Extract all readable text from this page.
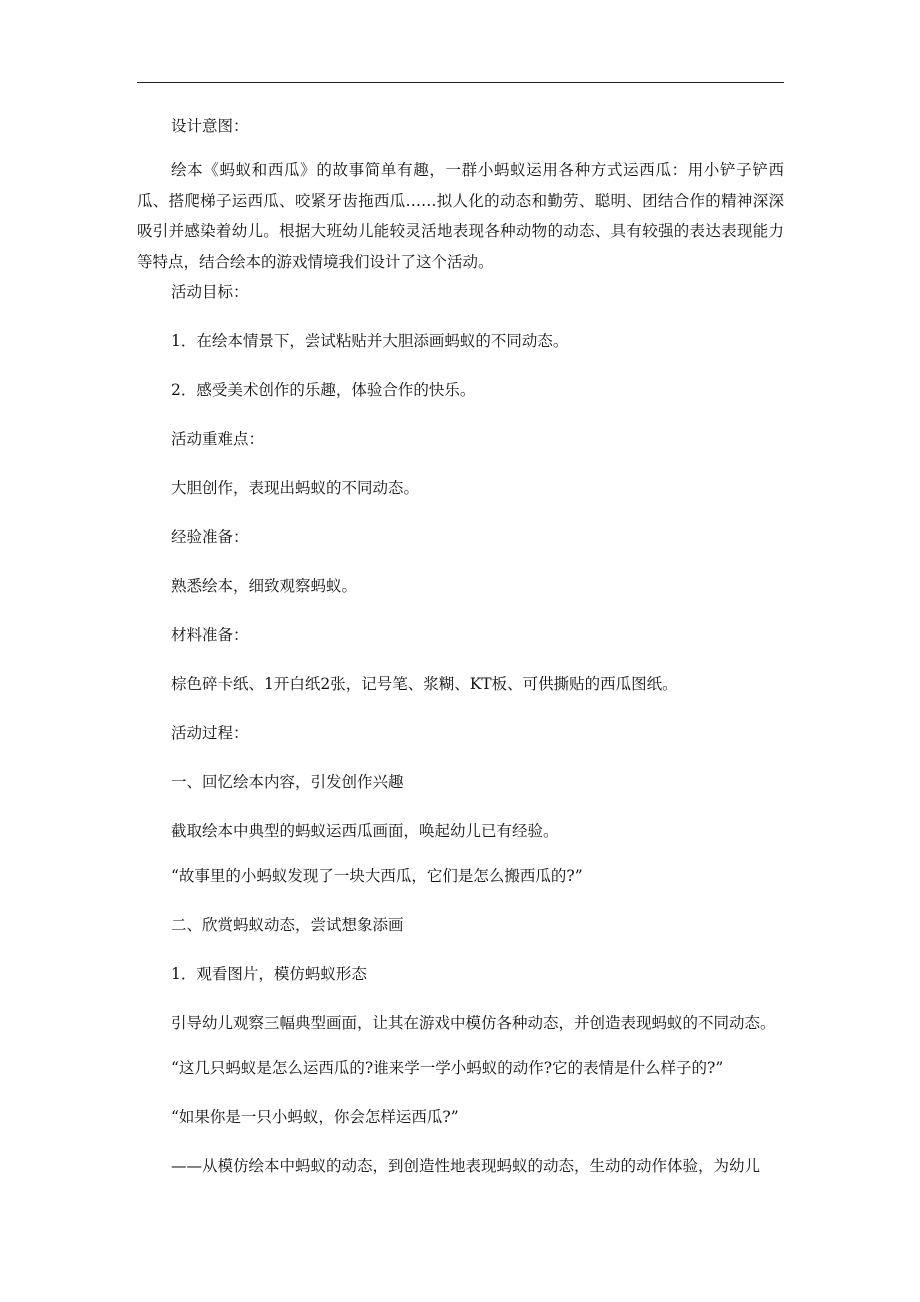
设计意图：
绘本《蚂蚁和西瓜》的故事简单有趣，一群小蚂蚁运用各种方式运西瓜：用小铲子铲西瓜、搭爬梯子运西瓜、咬紧牙齿拖西瓜……拟人化的动态和勤劳、聪明、团结合作的精神深深吸引并感染着幼儿。根据大班幼儿能较灵活地表现各种动物的动态、具有较强的表达表现能力等特点，结合绘本的游戏情境我们设计了这个活动。
活动目标：
1．在绘本情景下，尝试粘贴并大胆添画蚂蚁的不同动态。
2．感受美术创作的乐趣，体验合作的快乐。
活动重难点：
大胆创作，表现出蚂蚁的不同动态。
经验准备：
熟悉绘本，细致观察蚂蚁。
材料准备：
棕色碎卡纸、1开白纸2张，记号笔、浆糊、KT板、可供撕贴的西瓜图纸。
活动过程：
一、回忆绘本内容，引发创作兴趣
截取绘本中典型的蚂蚁运西瓜画面，唤起幼儿已有经验。
“故事里的小蚂蚁发现了一块大西瓜，它们是怎么搬西瓜的?”
二、欣赏蚂蚁动态，尝试想象添画
1．观看图片，模仿蚂蚁形态
引导幼儿观察三幅典型画面，让其在游戏中模仿各种动态，并创造表现蚂蚁的不同动态。
“这几只蚂蚁是怎么运西瓜的?谁来学一学小蚂蚁的动作?它的表情是什么样子的?”
“如果你是一只小蚂蚁，你会怎样运西瓜?”
——从模仿绘本中蚂蚁的动态，到创造性地表现蚂蚁的动态，生动的动作体验，为幼儿
